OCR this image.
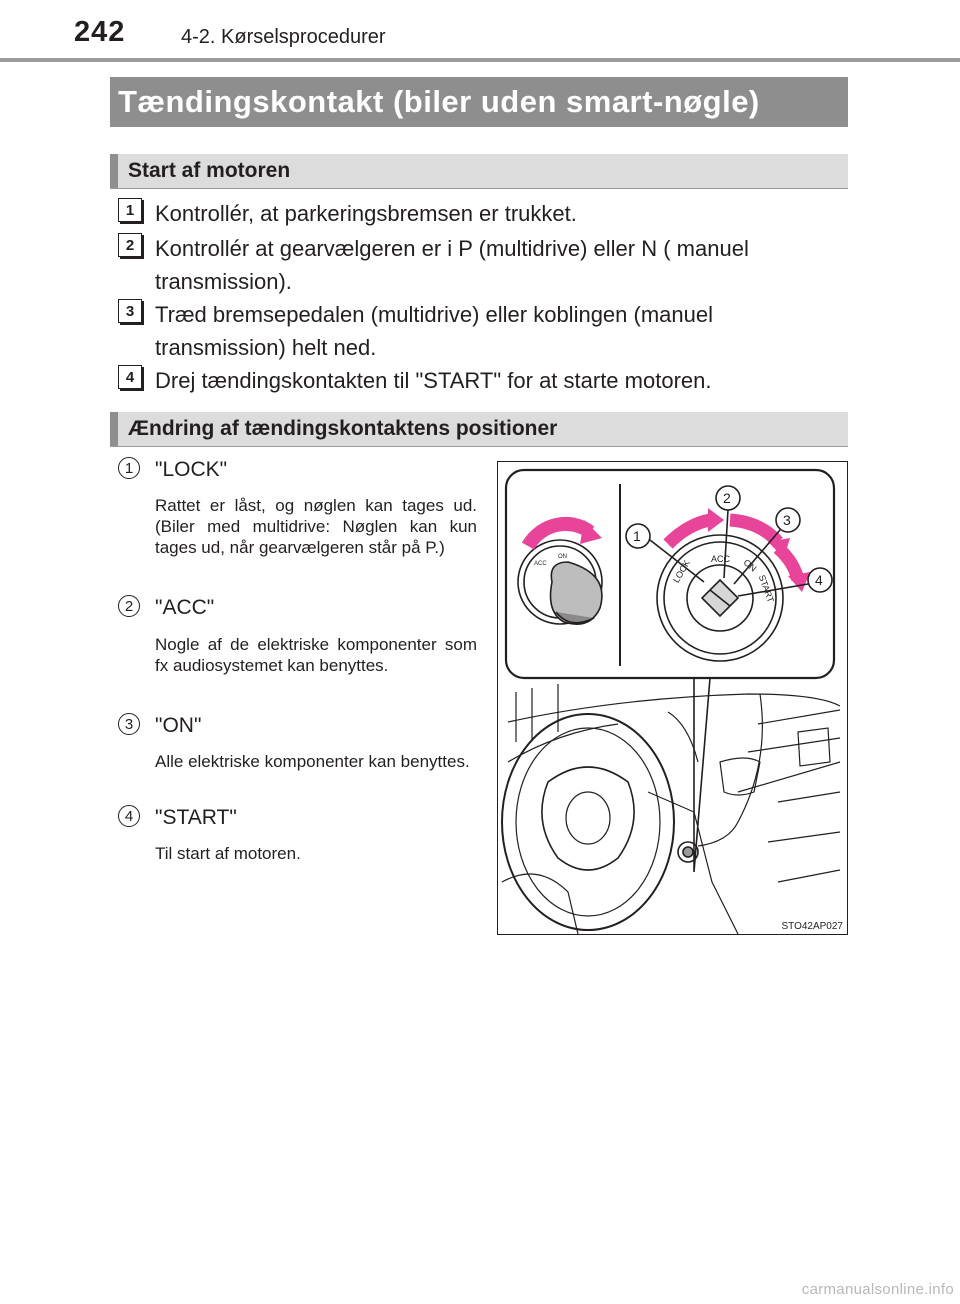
242	4-2. Kørselsprocedurer
Tændingskontakt (biler uden smart-nøgle)
Start af motoren
1 Kontrollér, at parkeringsbremsen er trukket.
2 Kontrollér at gearvælgeren er i P (multidrive) eller N ( manuel transmission).
3 Træd bremsepedalen (multidrive) eller koblingen (manuel transmission) helt ned.
4 Drej tændingskontakten til "START" for at starte motoren.
Ændring af tændingskontaktens positioner
1	"LOCK"
Rattet er låst, og nøglen kan tages ud. (Biler med multidrive: Nøglen kan kun tages ud, når gearvælgeren står på P.)
2	"ACC"
Nogle af de elektriske komponenter som fx audiosystemet kan benyttes.
3	"ON"
Alle elektriske komponenter kan benyttes.
4	"START"
Til start af motoren.
ACC
ON
LOCK ACC ON
START
1
2
3
4
STO42AP027
carmanualsonline.info
